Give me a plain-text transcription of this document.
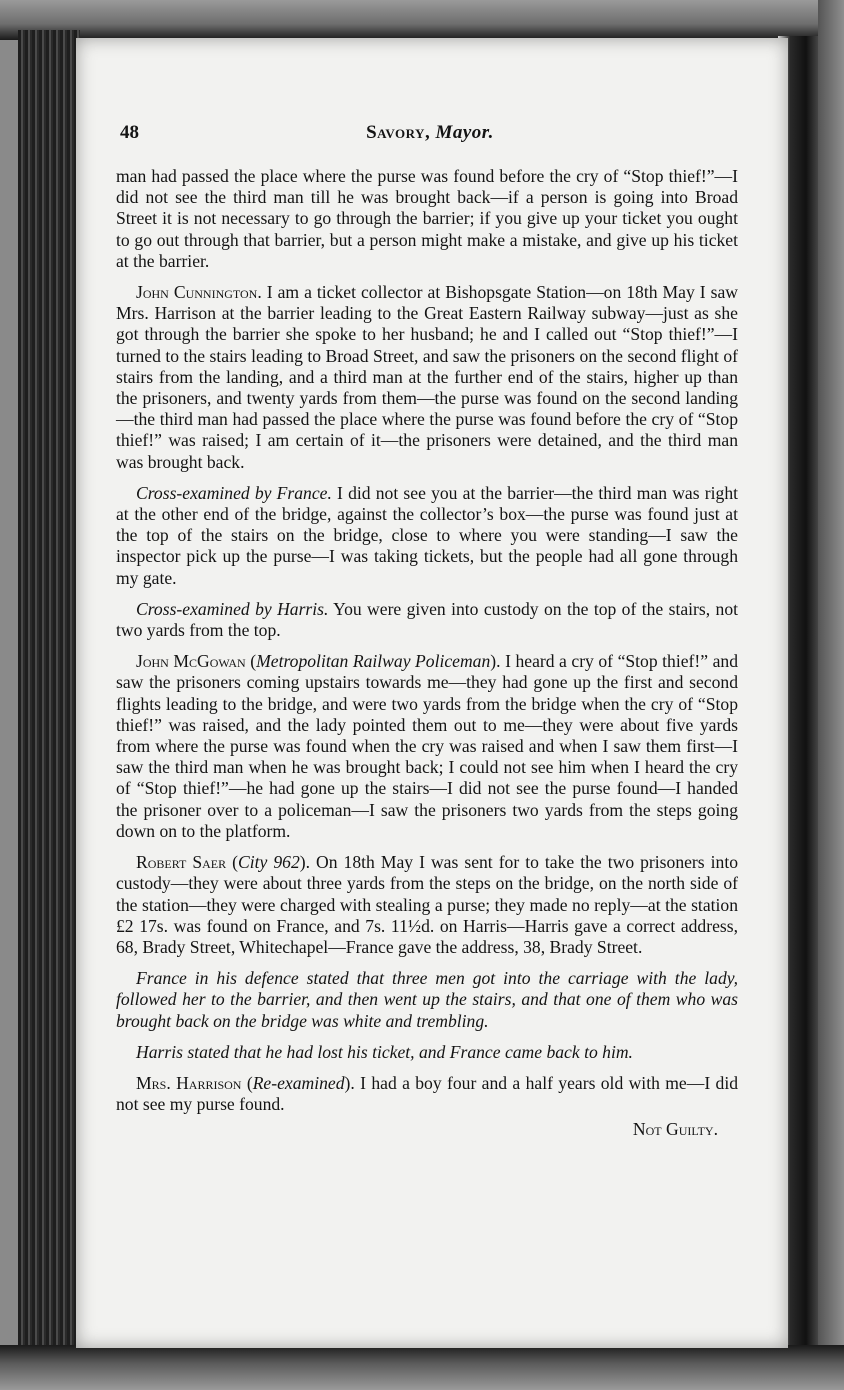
48	Savory, Mayor.

man had passed the place where the purse was found before the cry of “Stop thief!”—I did not see the third man till he was brought back—if a person is going into Broad Street it is not necessary to go through the barrier; if you give up your ticket you ought to go out through that barrier, but a person might make a mistake, and give up his ticket at the barrier.

John Cunnington. I am a ticket collector at Bishopsgate Station—on 18th May I saw Mrs. Harrison at the barrier leading to the Great Eastern Railway subway—just as she got through the barrier she spoke to her husband; he and I called out “Stop thief!”—I turned to the stairs leading to Broad Street, and saw the prisoners on the second flight of stairs from the landing, and a third man at the further end of the stairs, higher up than the prisoners, and twenty yards from them—the purse was found on the second landing—the third man had passed the place where the purse was found before the cry of “Stop thief!” was raised; I am certain of it—the prisoners were detained, and the third man was brought back.

Cross-examined by France. I did not see you at the barrier—the third man was right at the other end of the bridge, against the collector’s box—the purse was found just at the top of the stairs on the bridge, close to where you were standing—I saw the inspector pick up the purse—I was taking tickets, but the people had all gone through my gate.

Cross-examined by Harris. You were given into custody on the top of the stairs, not two yards from the top.

John McGowan (Metropolitan Railway Policeman). I heard a cry of “Stop thief!” and saw the prisoners coming upstairs towards me—they had gone up the first and second flights leading to the bridge, and were two yards from the bridge when the cry of “Stop thief!” was raised, and the lady pointed them out to me—they were about five yards from where the purse was found when the cry was raised and when I saw them first—I saw the third man when he was brought back; I could not see him when I heard the cry of “Stop thief!”—he had gone up the stairs—I did not see the purse found—I handed the prisoner over to a policeman—I saw the prisoners two yards from the steps going down on to the platform.

Robert Saer (City 962). On 18th May I was sent for to take the two prisoners into custody—they were about three yards from the steps on the bridge, on the north side of the station—they were charged with stealing a purse; they made no reply—at the station £2 17s. was found on France, and 7s. 11½d. on Harris—Harris gave a correct address, 68, Brady Street, Whitechapel—France gave the address, 38, Brady Street.

France in his defence stated that three men got into the carriage with the lady, followed her to the barrier, and then went up the stairs, and that one of them who was brought back on the bridge was white and trembling.

Harris stated that he had lost his ticket, and France came back to him.

Mrs. Harrison (Re-examined). I had a boy four and a half years old with me—I did not see my purse found.

Not Guilty.
